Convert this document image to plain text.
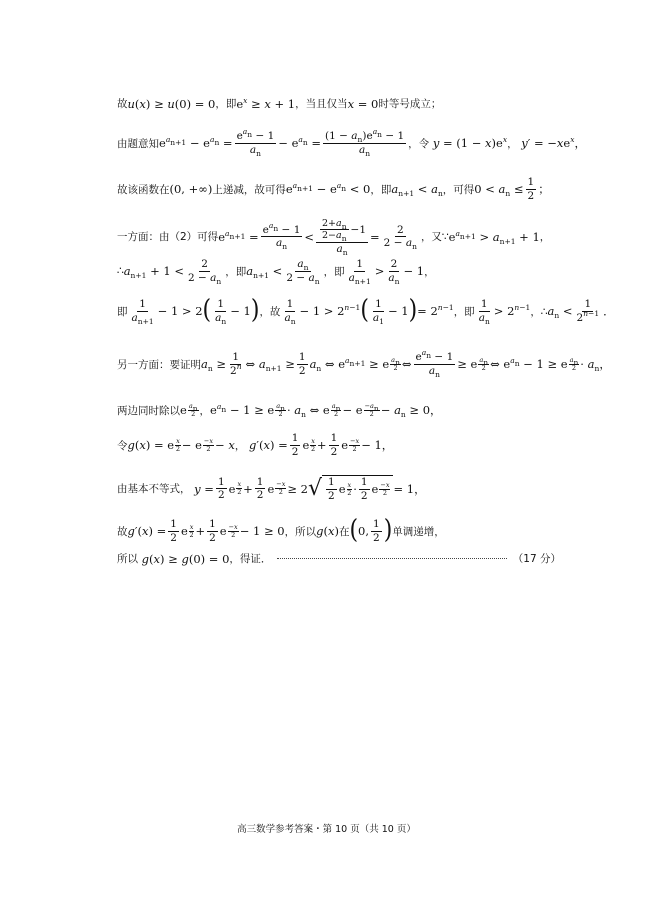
故 u(x) ≥ u(0) = 0 ，即 $e^x \ge x + 1$ ，当且仅当 x = 0 时等号成立；
由题意知 $e^{a_{n+1}} - e^{a_n} = \frac{e^{a_n} - 1}{a_n} - e^{a_n} = \frac{(1 - a_n)e^{a_n} - 1}{a_n}$ ，令 $y = (1 - x)e^x$ ， $y' = -xe^x$，
故该函数在 (0, +∞) 上递减，故可得 $e^{a_{n+1}} - e^{a_n} < 0$ ，即 $a_{n+1} < a_n$ ，可得 $0 < a_n \le \frac{1}{2}$ ；
一方面：由（2）可得 $e^{a_{n+1}} = \frac{e^{a_n} - 1}{a_n} < \frac{\frac{2+a_n}{2-a_n} -1}{a_n} = \frac{2}{2 - a_n}$ ，又∵ $e^{a_{n+1}} > a_{n+1} + 1$ ，
∴ $a_{n+1} + 1 < \frac{2}{2 - a_n}$ ，即 $a_{n+1} < \frac{a_n}{2 - a_n}$ ，即 $\frac{1}{a_{n+1}} > \frac{2}{a_n} - 1$ ，
即 $\frac{1}{a_{n+1}} - 1 > 2$ ( $\frac{1}{a_n} - 1$ ) ，故 $\frac{1}{a_n} - 1 > 2^{n-1}$ ( $\frac{1}{a_1} - 1$ ) = $2^{n-1}$ ，即 $\frac{1}{a_n} > 2^{n-1}$ ，∴ $a_n < \frac{1}{2^{n-1}}$ ．
另一方面：要证明 $a_n \ge \frac{1}{2^n}$ ⇔ $a_{n+1} \ge \frac{1}{2} a_n$ ⇔ $e^{a_{n+1}} \ge e$ $a_n$
2 ⇔ $\frac{e^{a_n} - 1}{a_n} \ge e$ $a_n$
2 ⇔ $e^{a_n} - 1 \ge e$ $a_n$
$2 \cdot a_n$，
两边同时除以 e $a_n$
2 ， $e^{a_n} - 1 \ge e$ $a_n$
$2 \cdot a_n$ ⇔ e $a_n$
$2 - e -a_n$
$2 - a_n \ge 0$，
令 g(x) = e x
2 − e −x
2 − x ， $g'(x) = \frac{1}{2}$ e x
$2 + \frac{1}{2}$ e −x
2 − 1，
由基本不等式， $y = \frac{1}{2}$ e x
$2 + \frac{1}{2}$ e $\frac{-x}{2} \ge 2$ √ $\frac{1}{2}$ e x
$2 \cdot \frac{1}{2}$ e −x
2 = 1，
故 $g'(x) = \frac{1}{2}$ e x
$2 + \frac{1}{2}$ e −x
2 − 1 ≥ 0 ，所以 g(x) 在 ( 0, $\frac{1}{2}$ ) 单调递增，
所以 g(x) ≥ g(0) = 0 ，得证．	（17 分）
高三数学参考答案・第 10 页（共 10 页）
